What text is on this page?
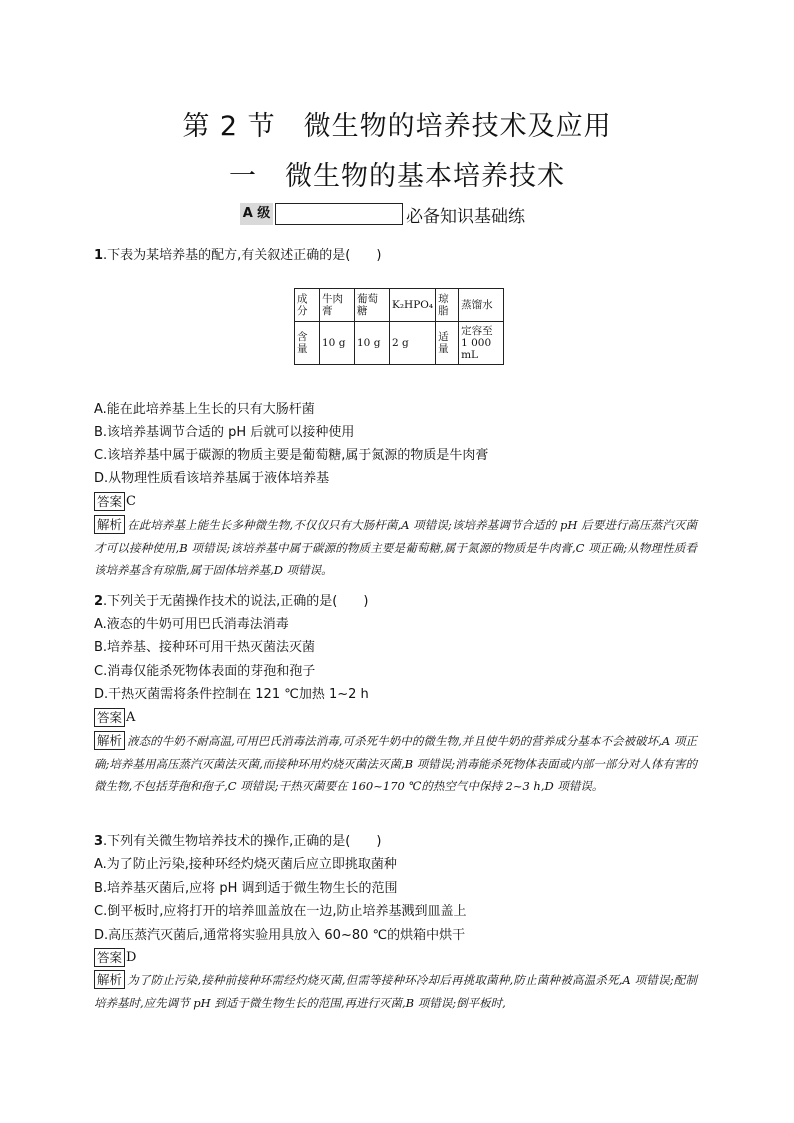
第 2 节　微生物的培养技术及应用
一　微生物的基本培养技术
A 级	必备知识基础练
1.下表为某培养基的配方,有关叙述正确的是(　　)
成分	牛肉膏	葡萄糖	K₂HPO₄	琼脂	蒸馏水
含量	10 g	10 g	2 g	适量	定容至 1 000 mL
A.能在此培养基上生长的只有大肠杆菌
B.该培养基调节合适的 pH 后就可以接种使用
C.该培养基中属于碳源的物质主要是葡萄糖,属于氮源的物质是牛肉膏
D.从物理性质看该培养基属于液体培养基
答案 C
解析 在此培养基上能生长多种微生物,不仅仅只有大肠杆菌,A 项错误;该培养基调节合适的 pH 后要进行高压蒸汽灭菌才可以接种使用,B 项错误;该培养基中属于碳源的物质主要是葡萄糖,属于氮源的物质是牛肉膏,C 项正确;从物理性质看该培养基含有琼脂,属于固体培养基,D 项错误。
2.下列关于无菌操作技术的说法,正确的是(　　)
A.液态的牛奶可用巴氏消毒法消毒
B.培养基、接种环可用干热灭菌法灭菌
C.消毒仅能杀死物体表面的芽孢和孢子
D.干热灭菌需将条件控制在 121 ℃加热 1~2 h
答案 A
解析 液态的牛奶不耐高温,可用巴氏消毒法消毒,可杀死牛奶中的微生物,并且使牛奶的营养成分基本不会被破坏,A 项正确;培养基用高压蒸汽灭菌法灭菌,而接种环用灼烧灭菌法灭菌,B 项错误;消毒能杀死物体表面或内部一部分对人体有害的微生物,不包括芽孢和孢子,C 项错误;干热灭菌要在 160~170 ℃的热空气中保持 2~3 h,D 项错误。
3.下列有关微生物培养技术的操作,正确的是(　　)
A.为了防止污染,接种环经灼烧灭菌后应立即挑取菌种
B.培养基灭菌后,应将 pH 调到适于微生物生长的范围
C.倒平板时,应将打开的培养皿盖放在一边,防止培养基溅到皿盖上
D.高压蒸汽灭菌后,通常将实验用具放入 60~80 ℃的烘箱中烘干
答案 D
解析 为了防止污染,接种前接种环需经灼烧灭菌,但需等接种环冷却后再挑取菌种,防止菌种被高温杀死,A 项错误;配制培养基时,应先调节 pH 到适于微生物生长的范围,再进行灭菌,B 项错误;倒平板时,
